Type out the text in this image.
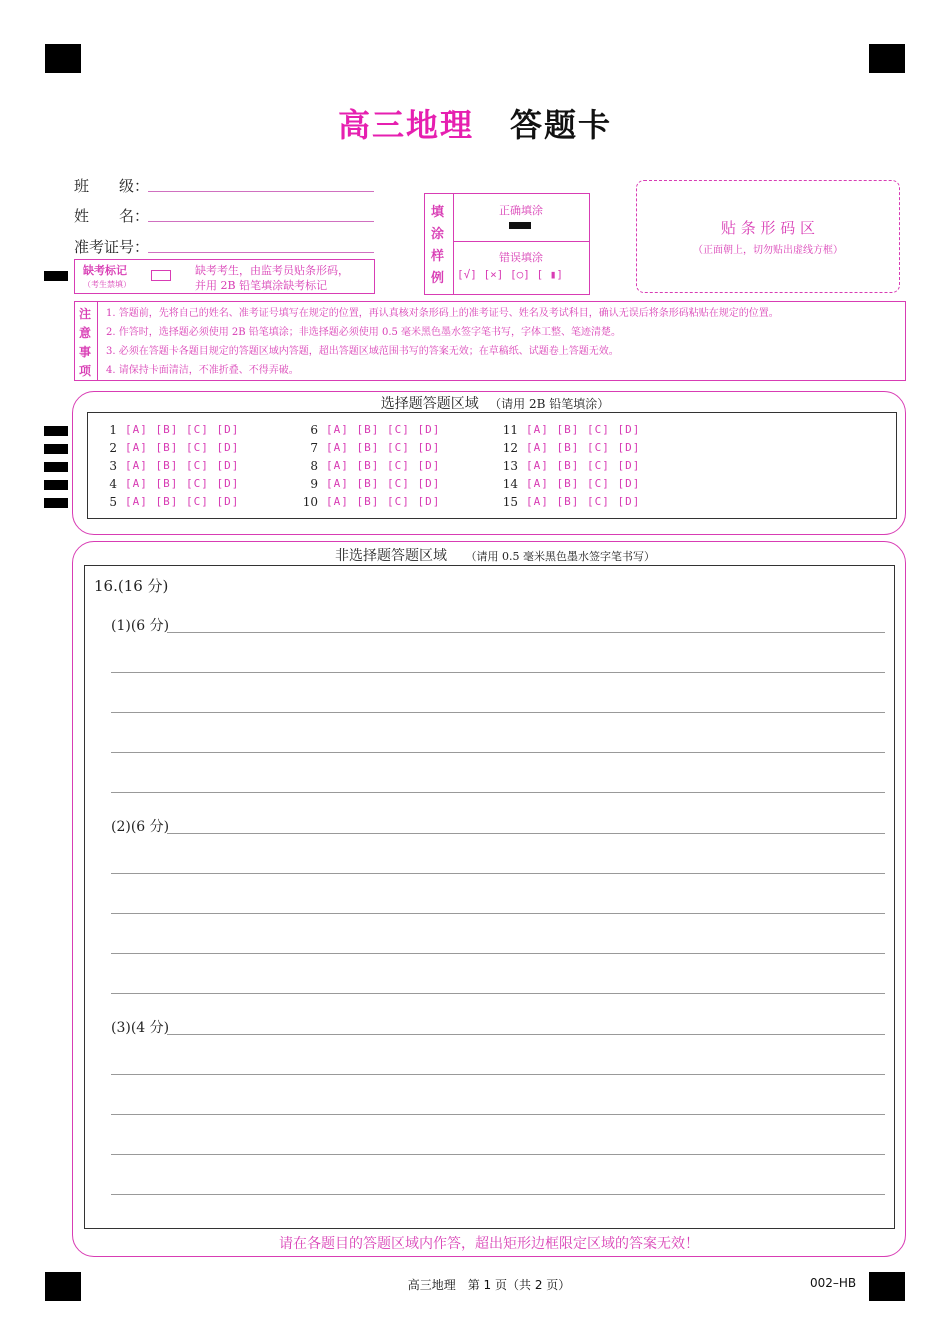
高三地理 答题卡
班　　级：
姓　　名：
准考证号：
缺考标记
（考生禁填）
缺考考生，由监考员贴条形码，
并用 2B 铅笔填涂缺考标记
填
涂
样
例
正确填涂
错误填涂
[√] [×] [○] [ ▮]
贴 条 形 码 区
（正面朝上，切勿贴出虚线方框）
注
意
事
项
1. 答题前，先将自己的姓名、准考证号填写在规定的位置，再认真核对条形码上的准考证号、姓名及考试科目，确认无误后将条形码粘贴在规定的位置。
2. 作答时，选择题必须使用 2B 铅笔填涂；非选择题必须使用 0.5 毫米黑色墨水签字笔书写，字体工整、笔迹清楚。
3. 必须在答题卡各题目规定的答题区域内答题，超出答题区域范围书写的答案无效；在草稿纸、试题卷上答题无效。
4. 请保持卡面清洁，不准折叠、不得弄破。
选择题答题区域 （请用 2B 铅笔填涂）
1 [A] [B] [C] [D]
2 [A] [B] [C] [D]
3 [A] [B] [C] [D]
4 [A] [B] [C] [D]
5 [A] [B] [C] [D]
6 [A] [B] [C] [D]
7 [A] [B] [C] [D]
8 [A] [B] [C] [D]
9 [A] [B] [C] [D]
10 [A] [B] [C] [D]
11 [A] [B] [C] [D]
12 [A] [B] [C] [D]
13 [A] [B] [C] [D]
14 [A] [B] [C] [D]
15 [A] [B] [C] [D]
非选择题答题区域 （请用 0.5 毫米黑色墨水签字笔书写）
16.(16 分)
(1)(6 分)
(2)(6 分)
(3)(4 分)
请在各题目的答题区域内作答，超出矩形边框限定区域的答案无效！
高三地理　第 1 页（共 2 页）	002–HB
